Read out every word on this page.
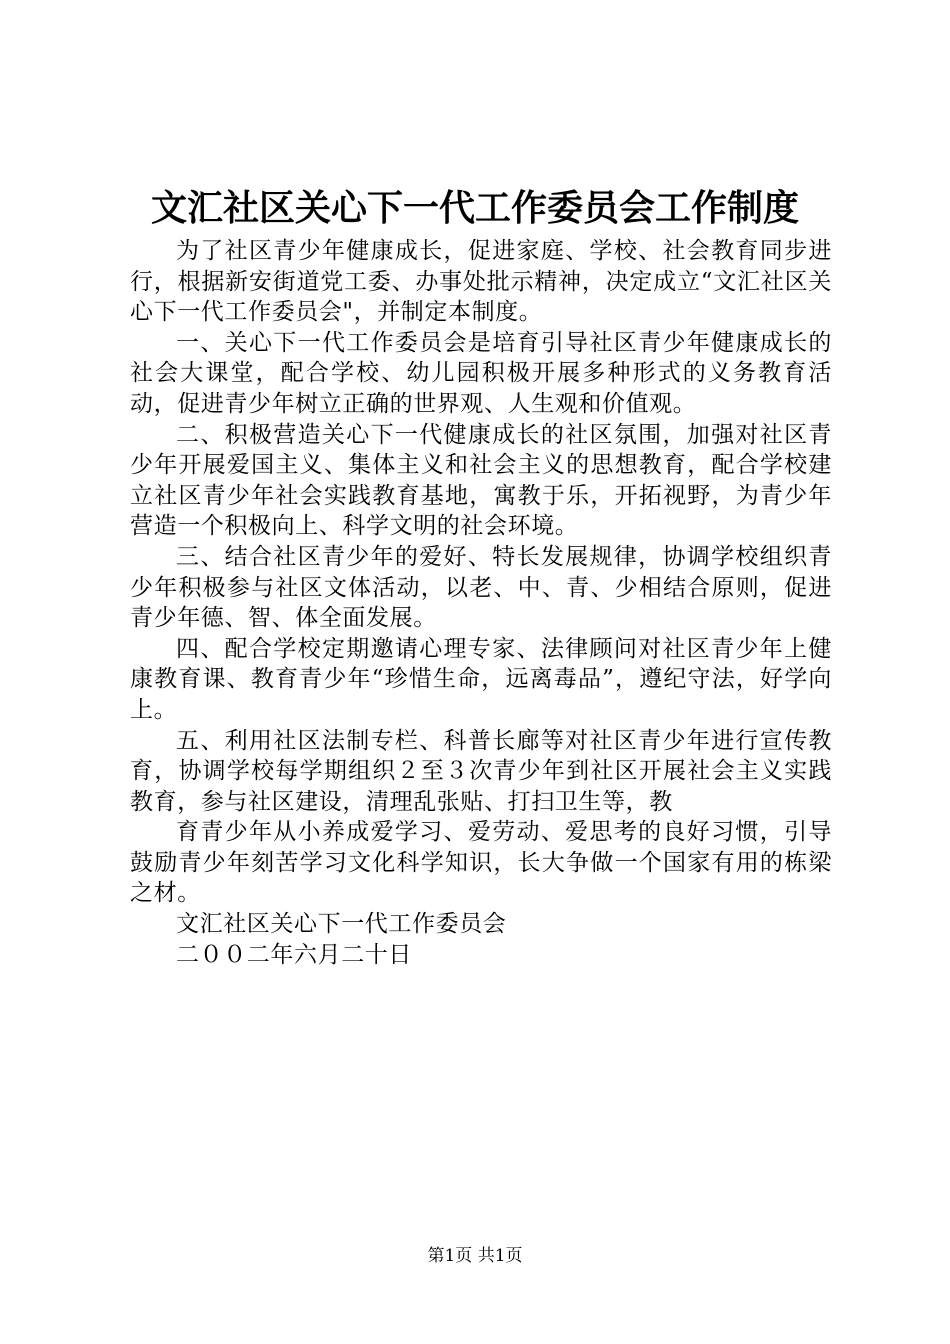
文汇社区关心下一代工作委员会工作制度

为了社区青少年健康成长，促进家庭、学校、社会教育同步进行，根据新安街道党工委、办事处批示精神，决定成立“文汇社区关心下一代工作委员会"，并制定本制度。

一、关心下一代工作委员会是培育引导社区青少年健康成长的社会大课堂，配合学校、幼儿园积极开展多种形式的义务教育活动，促进青少年树立正确的世界观、人生观和价值观。

二、积极营造关心下一代健康成长的社区氛围，加强对社区青少年开展爱国主义、集体主义和社会主义的思想教育，配合学校建立社区青少年社会实践教育基地，寓教于乐，开拓视野，为青少年营造一个积极向上、科学文明的社会环境。

三、结合社区青少年的爱好、特长发展规律，协调学校组织青少年积极参与社区文体活动，以老、中、青、少相结合原则，促进青少年德、智、体全面发展。

四、配合学校定期邀请心理专家、法律顾问对社区青少年上健康教育课、教育青少年“珍惜生命，远离毒品”，遵纪守法，好学向上。

五、利用社区法制专栏、科普长廊等对社区青少年进行宣传教育，协调学校每学期组织２至３次青少年到社区开展社会主义实践教育，参与社区建设，清理乱张贴、打扫卫生等，教

育青少年从小养成爱学习、爱劳动、爱思考的良好习惯，引导鼓励青少年刻苦学习文化科学知识，长大争做一个国家有用的栋梁之材。

文汇社区关心下一代工作委员会

二００二年六月二十日

第1页 共1页
